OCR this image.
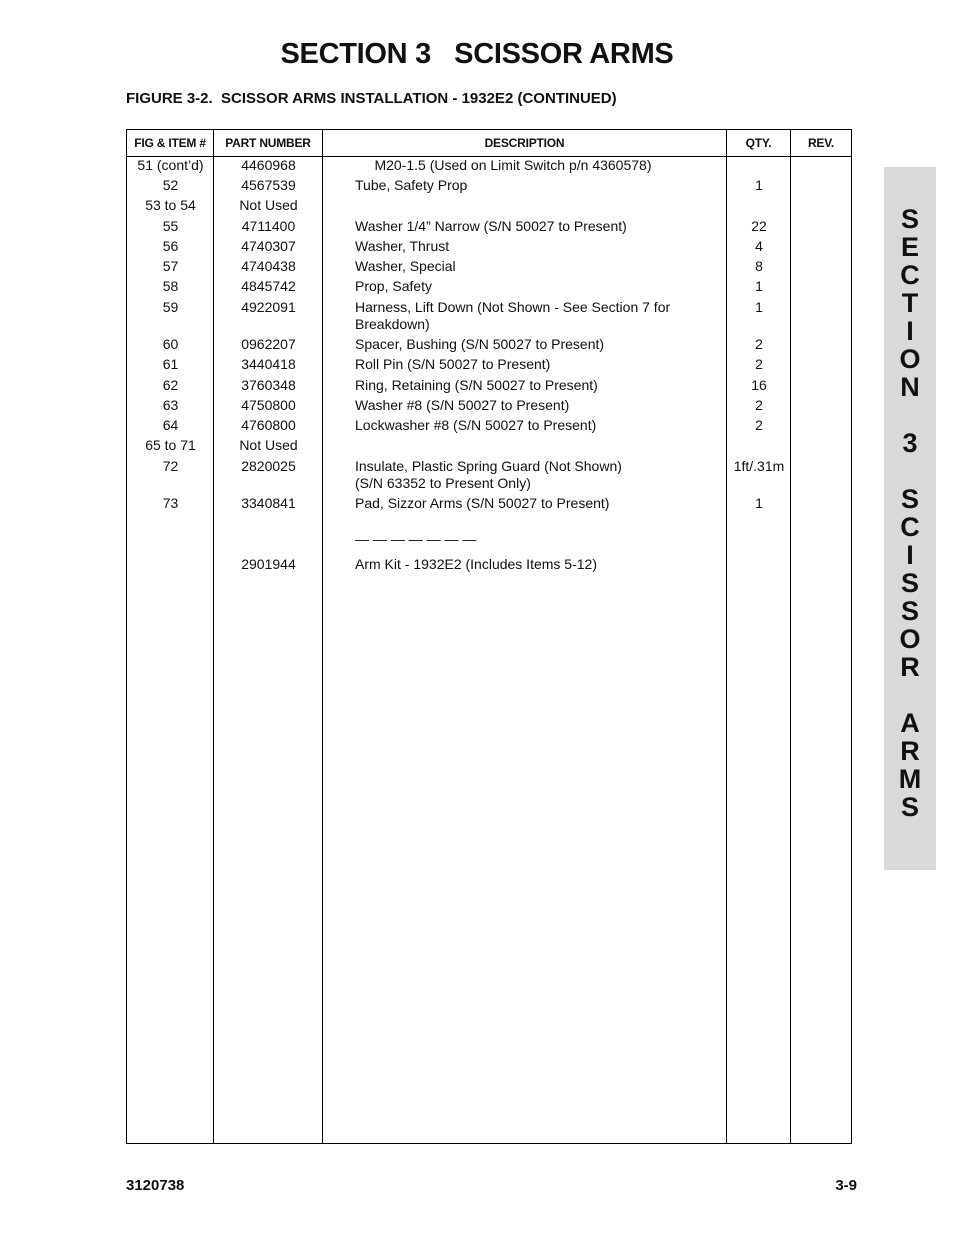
SECTION 3   SCISSOR ARMS
FIGURE 3-2.  SCISSOR ARMS INSTALLATION - 1932E2 (CONTINUED)
FIG & ITEM #	PART NUMBER	DESCRIPTION	QTY.	REV.
51 (cont’d)	4460968	M20-1.5 (Used on Limit Switch p/n 4360578)
52	4567539	Tube, Safety Prop	1
53 to 54	Not Used
55	4711400	Washer 1/4” Narrow (S/N 50027 to Present)	22
56	4740307	Washer, Thrust	4
57	4740438	Washer, Special	8
58	4845742	Prop, Safety	1
59	4922091	Harness, Lift Down (Not Shown - See Section 7 for	1
Breakdown)
60	0962207	Spacer, Bushing (S/N 50027 to Present)	2
61	3440418	Roll Pin (S/N 50027 to Present)	2
62	3760348	Ring, Retaining (S/N 50027 to Present)	16
63	4750800	Washer #8 (S/N 50027 to Present)	2
64	4760800	Lockwasher #8 (S/N 50027 to Present)	2
65 to 71	Not Used
72	2820025	Insulate, Plastic Spring Guard (Not Shown)	1ft/.31m
(S/N 63352 to Present Only)
73	3340841	Pad, Sizzor Arms (S/N 50027 to Present)	1
— — — — — — —
2901944	Arm Kit - 1932E2 (Includes Items 5-12)
S
E
C
T
I
O
N
3
S
C
I
S
S
O
R
A
R
M
S
3120738	3-9
